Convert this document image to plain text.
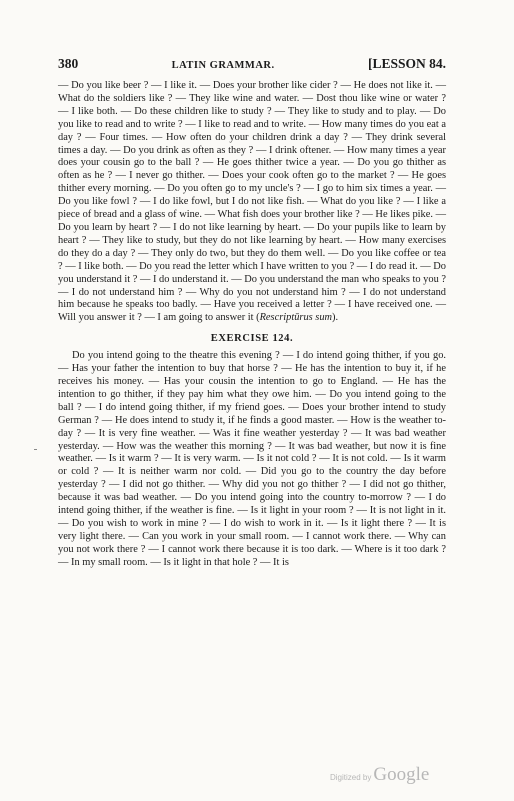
380	LATIN GRAMMAR.	[LESSON 84.

— Do you like beer ? — I like it. — Does your brother like cider ? — He does not like it. — What do the soldiers like ? — They like wine and water. — Dost thou like wine or water ? — I like both. — Do these children like to study ? — They like to study and to play. — Do you like to read and to write ? — I like to read and to write. — How many times do you eat a day ? — Four times. — How often do your children drink a day ? — They drink several times a day. — Do you drink as often as they ? — I drink oftener. — How many times a year does your cousin go to the ball ? — He goes thither twice a year. — Do you go thither as often as he ? — I never go thither. — Does your cook often go to the market ? — He goes thither every morning. — Do you often go to my uncle's ? — I go to him six times a year. — Do you like fowl ? — I do like fowl, but I do not like fish. — What do you like ? — I like a piece of bread and a glass of wine. — What fish does your brother like ? — He likes pike. — Do you learn by heart ? — I do not like learning by heart. — Do your pupils like to learn by heart ? — They like to study, but they do not like learning by heart. — How many exercises do they do a day ? — They only do two, but they do them well. — Do you like coffee or tea ? — I like both. — Do you read the letter which I have written to you ? — I do read it. — Do you understand it ? — I do understand it. — Do you understand the man who speaks to you ? — I do not understand him ? — Why do you not understand him ? — I do not understand him because he speaks too badly. — Have you received a letter ? — I have received one. — Will you answer it ? — I am going to answer it (Rescriptūrus sum).

EXERCISE 124.

Do you intend going to the theatre this evening ? — I do intend going thither, if you go. — Has your father the intention to buy that horse ? — He has the intention to buy it, if he receives his money. — Has your cousin the intention to go to England. — He has the intention to go thither, if they pay him what they owe him. — Do you intend going to the ball ? — I do intend going thither, if my friend goes. — Does your brother intend to study German ? — He does intend to study it, if he finds a good master. — How is the weather to-day ? — It is very fine weather. — Was it fine weather yesterday ? — It was bad weather yesterday. — How was the weather this morning ? — It was bad weather, but now it is fine weather. — Is it warm ? — It is very warm. — Is it not cold ? — It is not cold. — Is it warm or cold ? — It is neither warm nor cold. — Did you go to the country the day before yesterday ? — I did not go thither. — Why did you not go thither ? — I did not go thither, because it was bad weather. — Do you intend going into the country to-morrow ? — I do intend going thither, if the weather is fine. — Is it light in your room ? — It is not light in it. — Do you wish to work in mine ? — I do wish to work in it. — Is it light there ? — It is very light there. — Can you work in your small room. — I cannot work there. — Why can you not work there ? — I cannot work there because it is too dark. — Where is it too dark ? — In my small room. — Is it light in that hole ? — It is

Digitized by Google
